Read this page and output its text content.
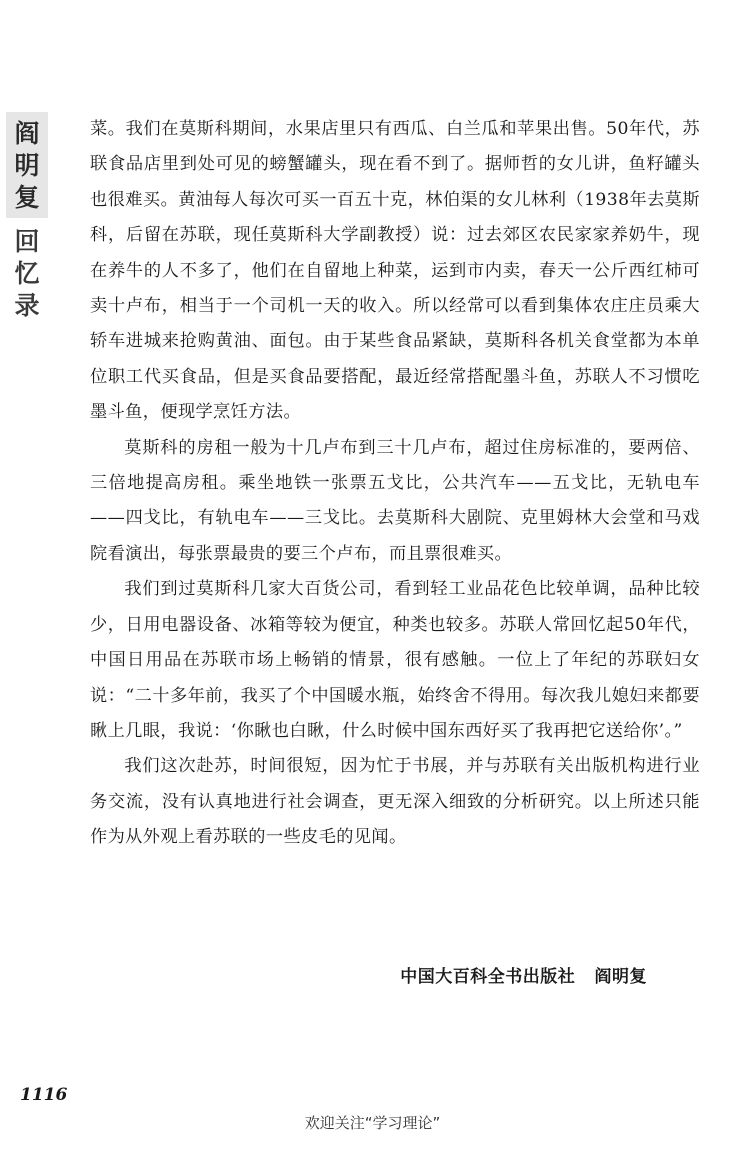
阎
明
复
回
忆
录

菜。我们在莫斯科期间，水果店里只有西瓜、白兰瓜和苹果出售。50年代，苏联食品店里到处可见的螃蟹罐头，现在看不到了。据师哲的女儿讲，鱼籽罐头也很难买。黄油每人每次可买一百五十克，林伯渠的女儿林利（1938年去莫斯科，后留在苏联，现任莫斯科大学副教授）说：过去郊区农民家家养奶牛，现在养牛的人不多了，他们在自留地上种菜，运到市内卖，春天一公斤西红柿可卖十卢布，相当于一个司机一天的收入。所以经常可以看到集体农庄庄员乘大轿车进城来抢购黄油、面包。由于某些食品紧缺，莫斯科各机关食堂都为本单位职工代买食品，但是买食品要搭配，最近经常搭配墨斗鱼，苏联人不习惯吃墨斗鱼，便现学烹饪方法。

莫斯科的房租一般为十几卢布到三十几卢布，超过住房标准的，要两倍、三倍地提高房租。乘坐地铁一张票五戈比，公共汽车——五戈比，无轨电车——四戈比，有轨电车——三戈比。去莫斯科大剧院、克里姆林大会堂和马戏院看演出，每张票最贵的要三个卢布，而且票很难买。

我们到过莫斯科几家大百货公司，看到轻工业品花色比较单调，品种比较少，日用电器设备、冰箱等较为便宜，种类也较多。苏联人常回忆起50年代，中国日用品在苏联市场上畅销的情景，很有感触。一位上了年纪的苏联妇女说：“二十多年前，我买了个中国暖水瓶，始终舍不得用。每次我儿媳妇来都要瞅上几眼，我说：‘你瞅也白瞅，什么时候中国东西好买了我再把它送给你’。”

我们这次赴苏，时间很短，因为忙于书展，并与苏联有关出版机构进行业务交流，没有认真地进行社会调查，更无深入细致的分析研究。以上所述只能作为从外观上看苏联的一些皮毛的见闻。

中国大百科全书出版社 阎明复
1116
欢迎关注“学习理论”
